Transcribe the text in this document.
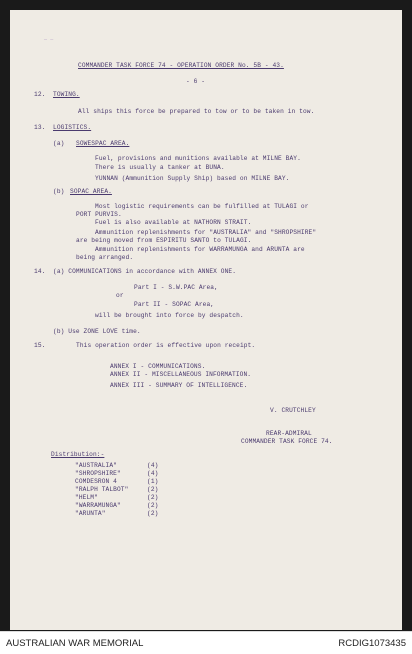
— —
COMMANDER TASK FORCE 74 - OPERATION ORDER No. 5B - 43.
- 6 -
12. TOWING.
All ships this force be prepared to tow or to be taken in tow.
13. LOGISTICS.
(a) SOWESPAC AREA.
Fuel, provisions and munitions available at MILNE BAY.
There is usually a tanker at BUNA.
YUNNAN (Ammunition Supply Ship) based on MILNE BAY.
(b) SOPAC AREA.
Most logistic requirements can be fulfilled at TULAGI or
PORT PURVIS.
Fuel is also available at NATHORN STRAIT.
Ammunition replenishments for "AUSTRALIA" and "SHROPSHIRE"
are being moved from ESPIRITU SANTO to TULAGI.
Ammunition replenishments for WARRAMUNGA and ARUNTA are
being arranged.
14. (a) COMMUNICATIONS in accordance with ANNEX ONE.
Part I - S.W.PAC Area,
or
Part II - SOPAC Area,
will be brought into force by despatch.
(b) Use ZONE LOVE time.
15.	This operation order is effective upon receipt.
ANNEX I - COMMUNICATIONS.
ANNEX II - MISCELLANEOUS INFORMATION.
ANNEX III - SUMMARY OF INTELLIGENCE.
V. CRUTCHLEY
REAR-ADMIRAL
COMMANDER TASK FORCE 74.
Distribution:-
"AUSTRALIA"	(4)
"SHROPSHIRE"	(4)
COMDESRON 4	(1)
"RALPH TALBOT"	(2)
"HELM"	(2)
"WARRAMUNGA"	(2)
"ARUNTA"	(2)
AUSTRALIAN WAR MEMORIAL	RCDIG1073435
